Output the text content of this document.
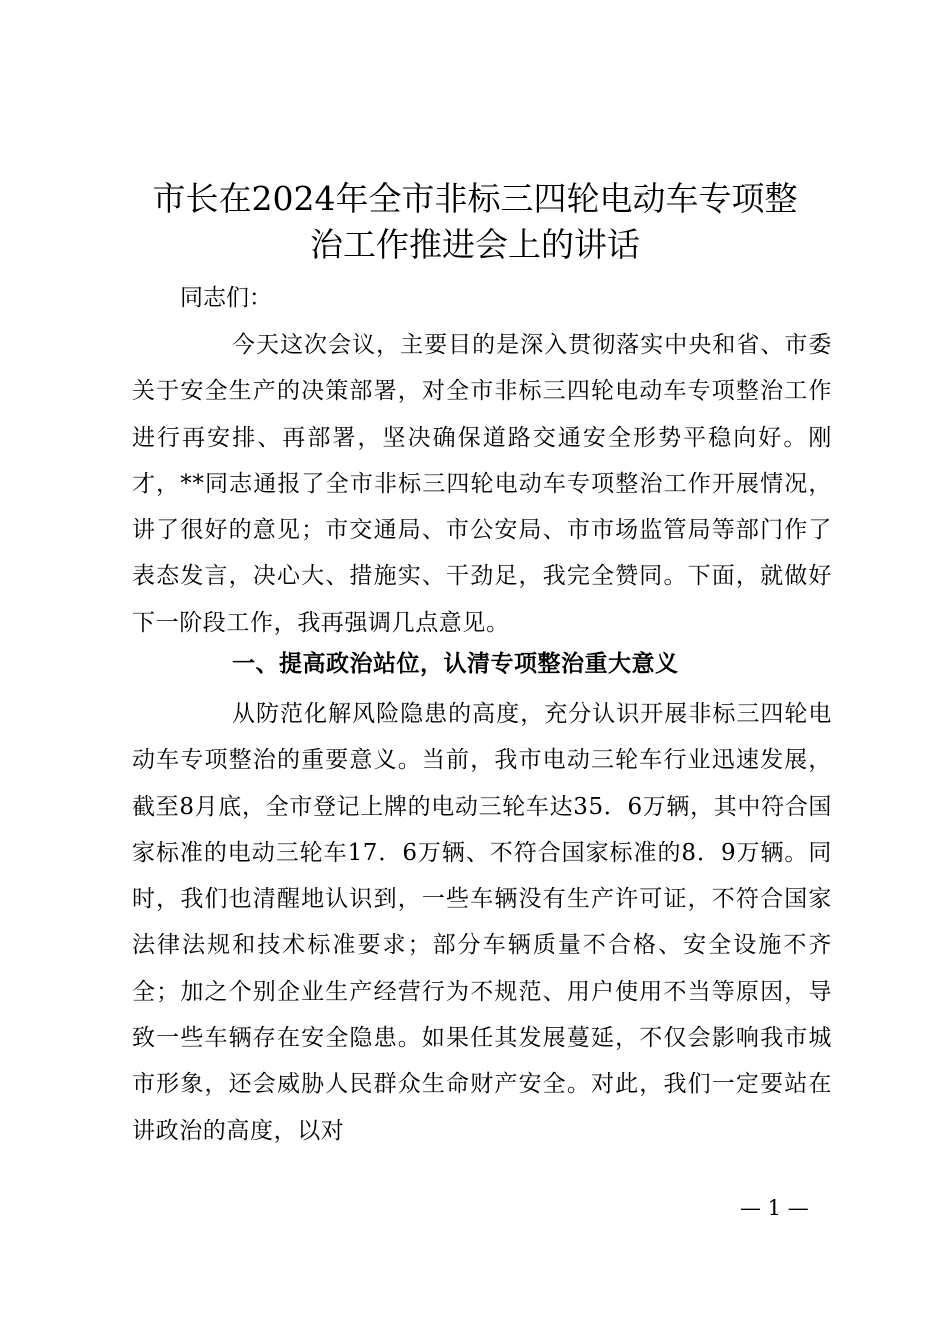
市长在2024年全市非标三四轮电动车专项整
治工作推进会上的讲话

同志们：

今天这次会议，主要目的是深入贯彻落实中央和省、市委关于安全生产的决策部署，对全市非标三四轮电动车专项整治工作进行再安排、再部署，坚决确保道路交通安全形势平稳向好。刚才，**同志通报了全市非标三四轮电动车专项整治工作开展情况，讲了很好的意见；市交通局、市公安局、市市场监管局等部门作了表态发言，决心大、措施实、干劲足，我完全赞同。下面，就做好下一阶段工作，我再强调几点意见。

一、提高政治站位，认清专项整治重大意义

从防范化解风险隐患的高度，充分认识开展非标三四轮电动车专项整治的重要意义。当前，我市电动三轮车行业迅速发展，截至8月底，全市登记上牌的电动三轮车达35．6万辆，其中符合国家标准的电动三轮车17．6万辆、不符合国家标准的8．9万辆。同时，我们也清醒地认识到，一些车辆没有生产许可证，不符合国家法律法规和技术标准要求；部分车辆质量不合格、安全设施不齐全；加之个别企业生产经营行为不规范、用户使用不当等原因，导致一些车辆存在安全隐患。如果任其发展蔓延，不仅会影响我市城市形象，还会威胁人民群众生命财产安全。对此，我们一定要站在讲政治的高度，以对

— 1 —
